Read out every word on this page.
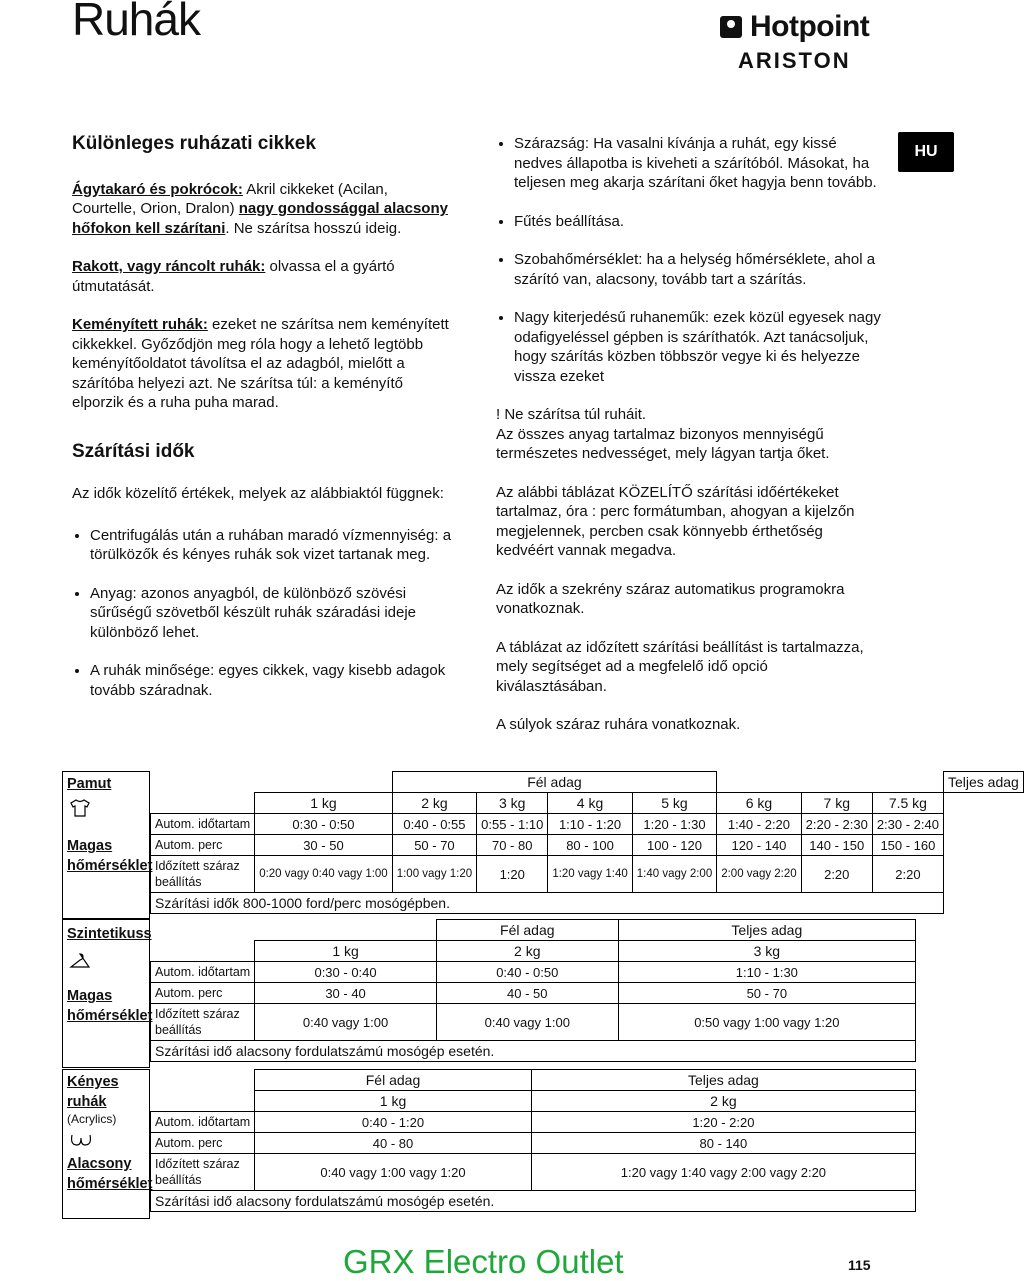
Ruhák	Hotpoint
ARISTON
HU
Különleges ruházati cikkek

Ágytakaró és pokrócok: Akril cikkeket (Acilan, Courtelle, Orion, Dralon) nagy gondossággal alacsony hőfokon kell szárítani. Ne szárítsa hosszú ideig.

Rakott, vagy ráncolt ruhák: olvassa el a gyártó útmutatását.

Keményített ruhák: ezeket ne szárítsa nem keményített cikkekkel. Győződjön meg róla hogy a lehető legtöbb keményítőoldatot távolítsa el az adagból, mielőtt a szárítóba helyezi azt. Ne szárítsa túl: a keményítő elporzik és a ruha puha marad.

Szárítási idők

Az idők közelítő értékek, melyek az alábbiaktól függnek:

• Centrifugálás után a ruhában maradó vízmennyiség: a törülközők és kényes ruhák sok vizet tartanak meg.
• Anyag: azonos anyagból, de különböző szövési sűrűségű szövetből készült ruhák száradási ideje különböző lehet.
• A ruhák minősége: egyes cikkek, vagy kisebb adagok tovább száradnak.
• Szárazság: Ha vasalni kívánja a ruhát, egy kissé nedves állapotba is kiveheti a szárítóból. Másokat, ha teljesen meg akarja szárítani őket hagyja benn tovább.
• Fűtés beállítása.
• Szobahőmérséklet: ha a helység hőmérséklete, ahol a szárító van, alacsony, tovább tart a szárítás.
• Nagy kiterjedésű ruhaneműk: ezek közül egyesek nagy odafigyeléssel gépben is száríthatók. Azt tanácsoljuk, hogy szárítás közben többször vegye ki és helyezze vissza ezeket

! Ne szárítsa túl ruháit.

Az összes anyag tartalmaz bizonyos mennyiségű természetes nedvességet, mely lágyan tartja őket.

Az alábbi táblázat KÖZELÍTŐ szárítási időértékeket tartalmaz, óra : perc formátumban, ahogyan a kijelzőn megjelennek, percben csak könnyebb érthetőség kedvéért vannak megadva.

Az idők a szekrény száraz automatikus programokra vonatkoznak.

A táblázat az időzített szárítási beállítást is tartalmazza, mely segítséget ad a megfelelő idő opció kiválasztásában.

A súlyok száraz ruhára vonatkoznak.

Pamut
Magas
hőmérséklet
		Fél adag							Teljes adag
	1 kg	2 kg	3 kg	4 kg	5 kg	6 kg	7 kg	7.5 kg	
Autom. időtartam	0:30 - 0:50	0:40 - 0:55	0:55 - 1:10	1:10 - 1:20	1:20 - 1:30	1:40 - 2:20	2:20 - 2:30	2:30 - 2:40	
Autom. perc	30 - 50	50 - 70	70 - 80	80 - 100	100 - 120	120 - 140	140 - 150	150 - 160	
Időzített száraz beállítás	0:20 vagy 0:40 vagy 1:00	1:00 vagy 1:20	1:20	1:20 vagy 1:40	1:40 vagy 2:00	2:00 vagy 2:20	2:20	2:20	
Szárítási idők 800-1000 ford/perc mosógépben.									
Szintetikuss
Magas
hőmérséklet
		Fél adag	Teljes adag
	1 kg	2 kg	3 kg
Autom. időtartam	0:30 - 0:40	0:40 - 0:50	1:10 - 1:30
Autom. perc	30 - 40	40 - 50	50 - 70
Időzített száraz beállítás	0:40 vagy 1:00	0:40 vagy 1:00	0:50 vagy 1:00 vagy 1:20
Szárítási idő alacsony fordulatszámú mosógép esetén.			
Kényes
ruhák
(Acrylics)
Alacsony
hőmérséklet
	Fél adag	Teljes adag
	1 kg	2 kg
Autom. időtartam	0:40 - 1:20	1:20 - 2:20
Autom. perc	40 - 80	80 - 140
Időzített száraz beállítás	0:40 vagy 1:00 vagy 1:20	1:20 vagy 1:40 vagy 2:00 vagy 2:20
Szárítási idő alacsony fordulatszámú mosógép esetén.		
GRX Electro Outlet	115
